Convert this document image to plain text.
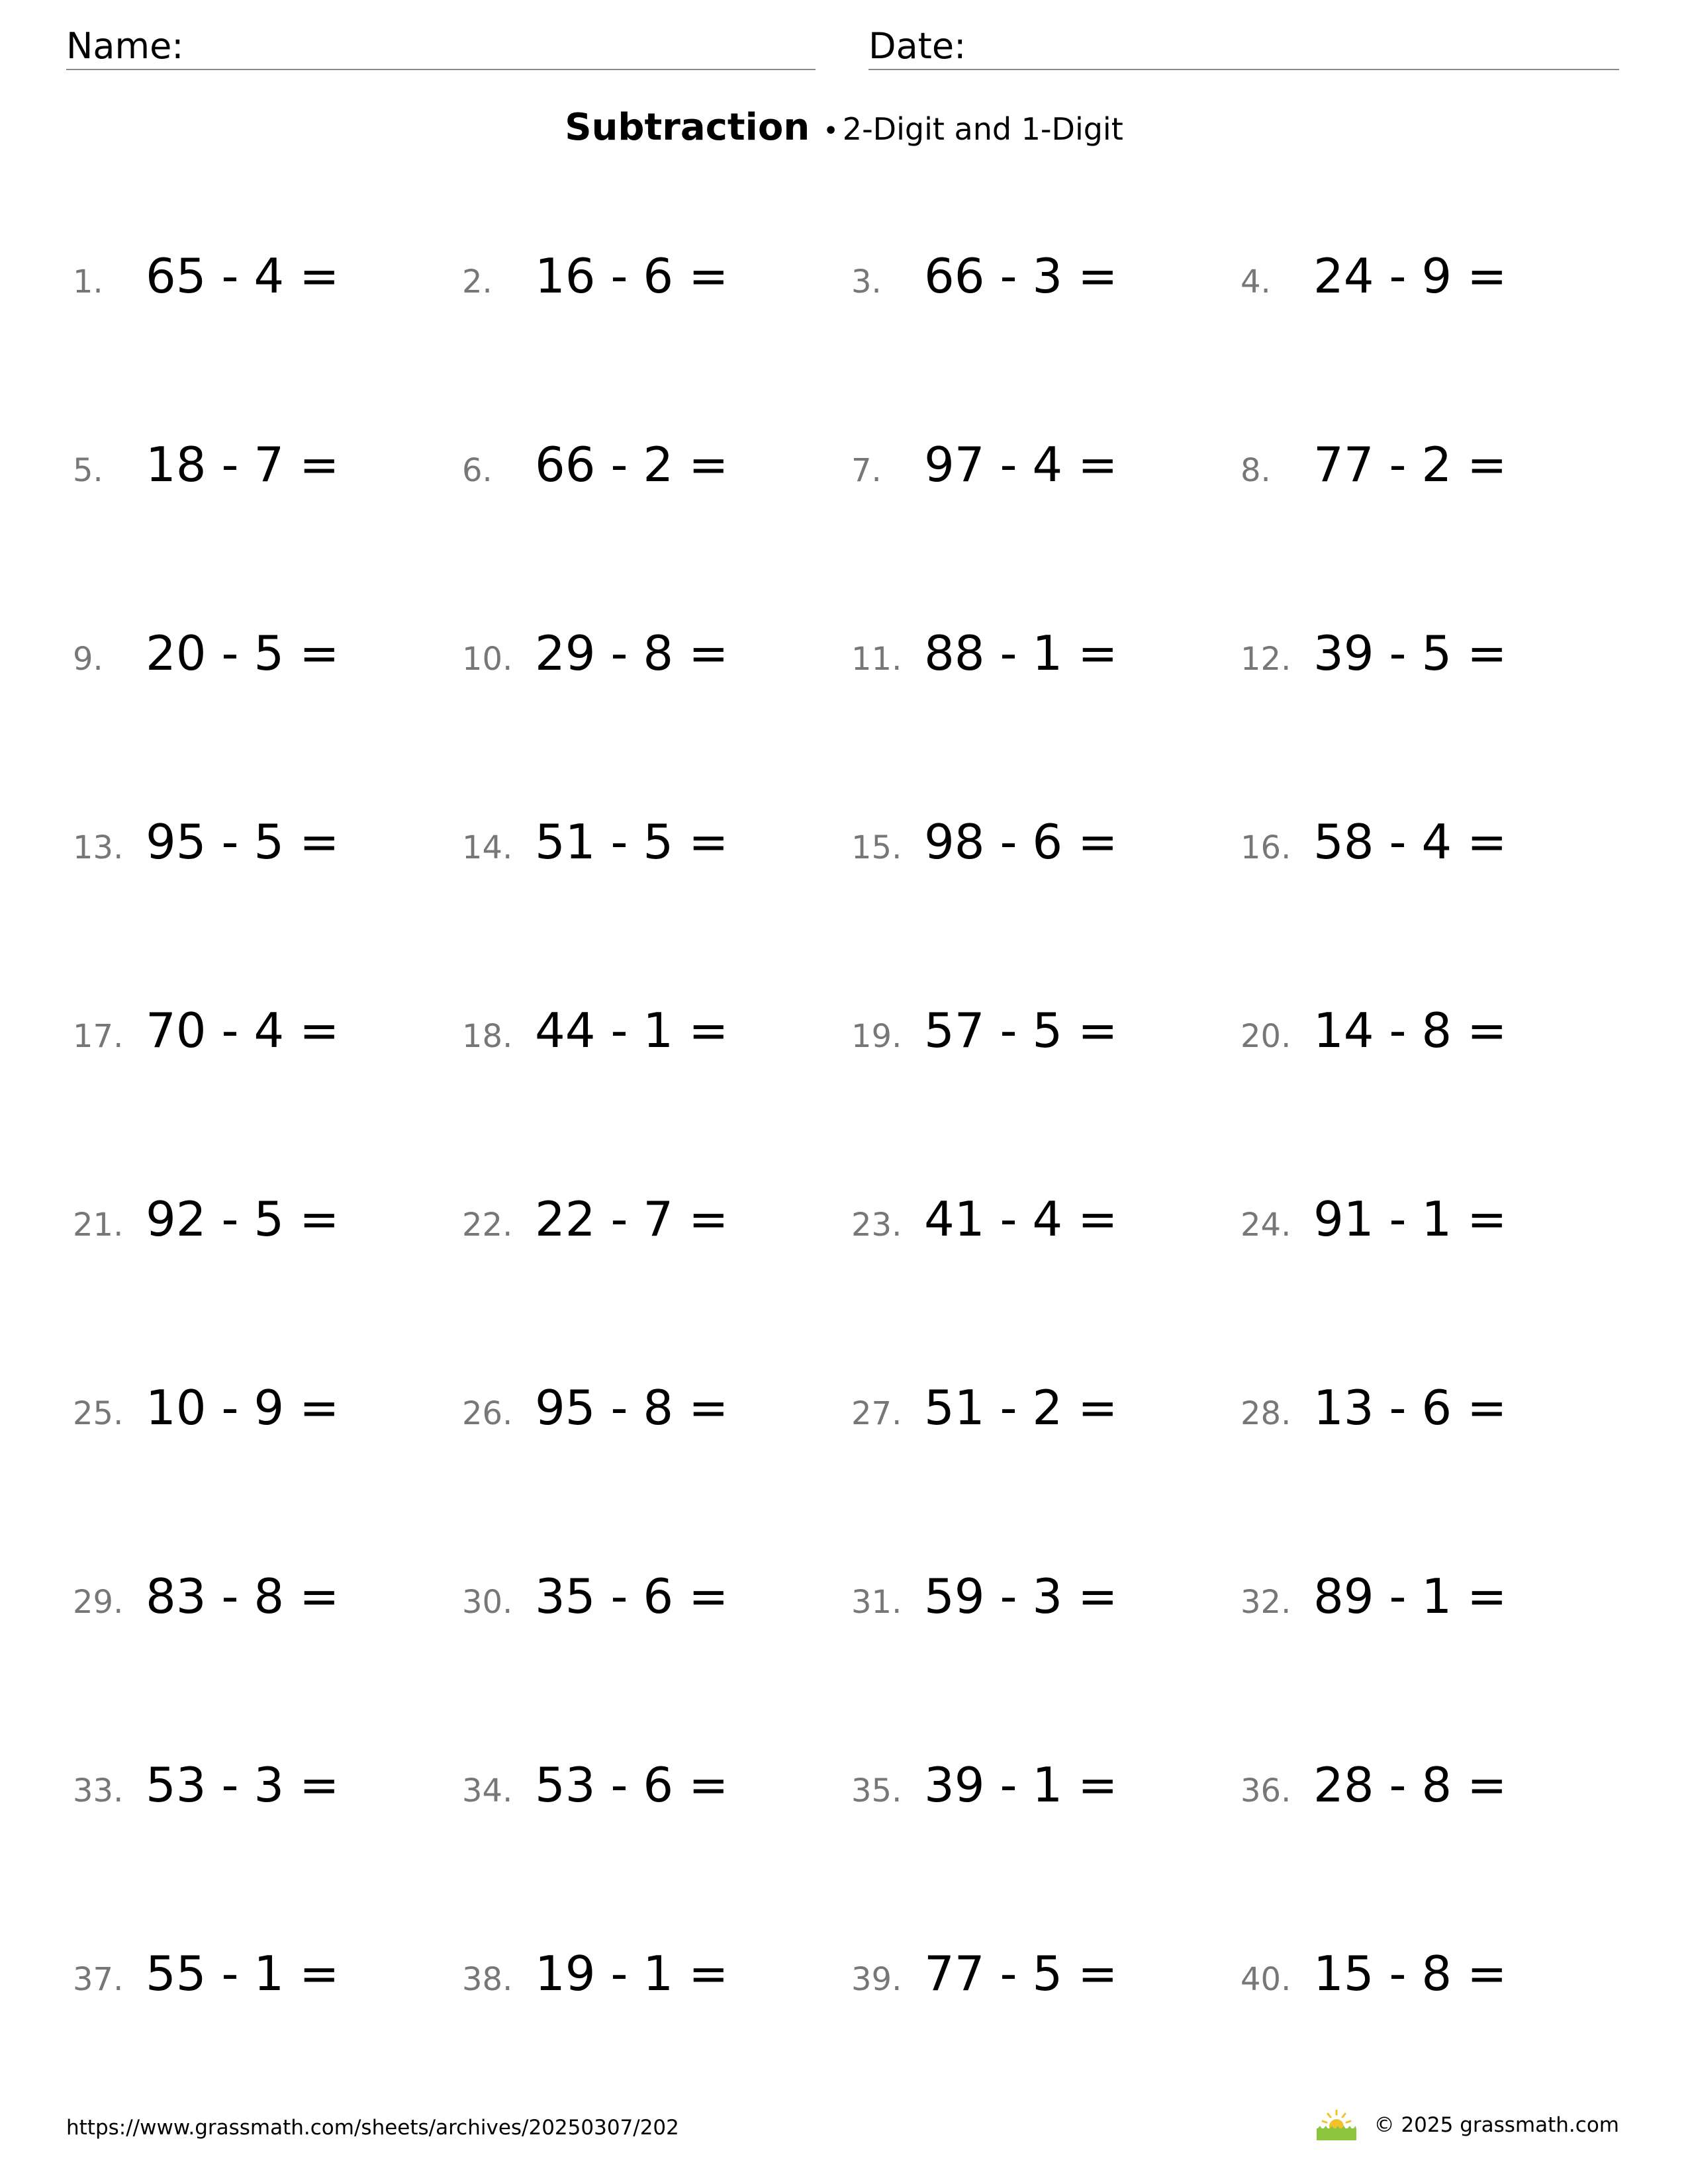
Name:	Date:
Subtraction • 2-Digit and 1-Digit
1. 65 - 4 =	2. 16 - 6 =	3. 66 - 3 =	4. 24 - 9 =
5. 18 - 7 =	6. 66 - 2 =	7. 97 - 4 =	8. 77 - 2 =
9. 20 - 5 =	10. 29 - 8 =	11. 88 - 1 =	12. 39 - 5 =
13. 95 - 5 =	14. 51 - 5 =	15. 98 - 6 =	16. 58 - 4 =
17. 70 - 4 =	18. 44 - 1 =	19. 57 - 5 =	20. 14 - 8 =
21. 92 - 5 =	22. 22 - 7 =	23. 41 - 4 =	24. 91 - 1 =
25. 10 - 9 =	26. 95 - 8 =	27. 51 - 2 =	28. 13 - 6 =
29. 83 - 8 =	30. 35 - 6 =	31. 59 - 3 =	32. 89 - 1 =
33. 53 - 3 =	34. 53 - 6 =	35. 39 - 1 =	36. 28 - 8 =
37. 55 - 1 =	38. 19 - 1 =	39. 77 - 5 =	40. 15 - 8 =
https://www.grassmath.com/sheets/archives/20250307/202	© 2025 grassmath.com
